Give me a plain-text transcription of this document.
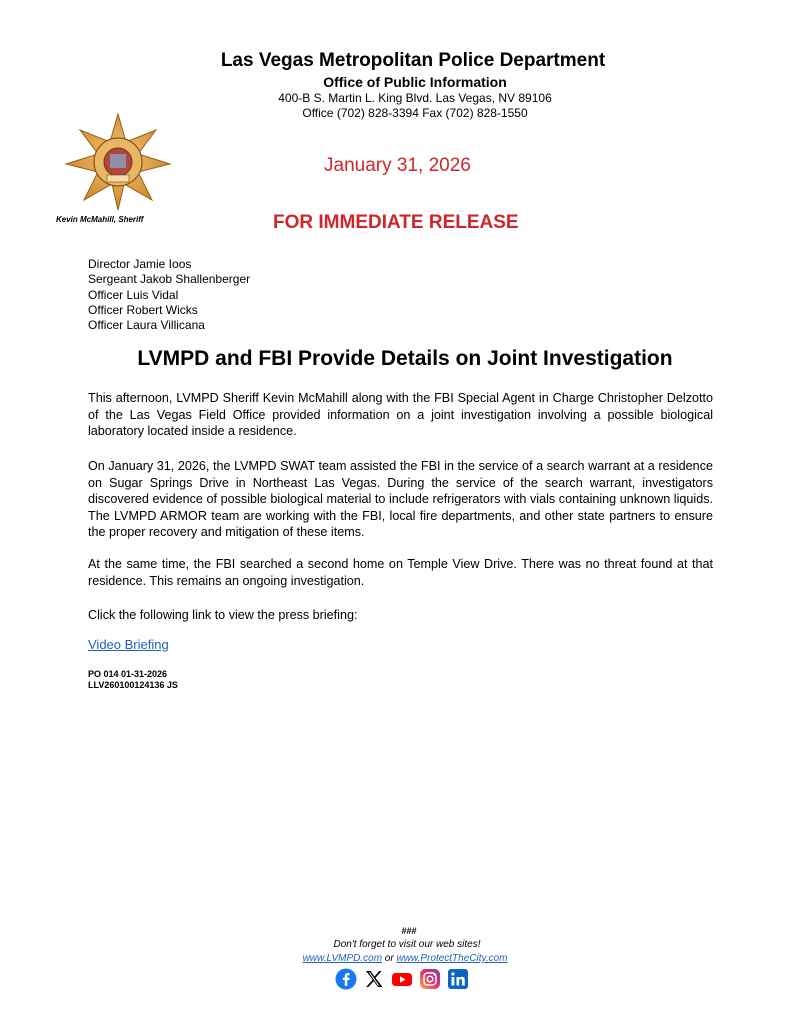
Las Vegas Metropolitan Police Department
Office of Public Information
400-B S. Martin L. King Blvd. Las Vegas, NV 89106
Office (702) 828-3394 Fax (702) 828-1550
Kevin McMahill, Sheriff
January 31, 2026
FOR IMMEDIATE RELEASE
Director Jamie Ioos
Sergeant Jakob Shallenberger
Officer Luis Vidal
Officer Robert Wicks
Officer Laura Villicana
LVMPD and FBI Provide Details on Joint Investigation
This afternoon, LVMPD Sheriff Kevin McMahill along with the FBI Special Agent in Charge Christopher Delzotto of the Las Vegas Field Office provided information on a joint investigation involving a possible biological laboratory located inside a residence.
On January 31, 2026, the LVMPD SWAT team assisted the FBI in the service of a search warrant at a residence on Sugar Springs Drive in Northeast Las Vegas. During the service of the search warrant, investigators discovered evidence of possible biological material to include refrigerators with vials containing unknown liquids. The LVMPD ARMOR team are working with the FBI, local fire departments, and other state partners to ensure the proper recovery and mitigation of these items.
At the same time, the FBI searched a second home on Temple View Drive. There was no threat found at that residence. This remains an ongoing investigation.
Click the following link to view the press briefing:
Video Briefing
PO 014 01-31-2026
LLV260100124136 JS
###
Don't forget to visit our web sites!
www.LVMPD.com or www.ProtectTheCity.com
